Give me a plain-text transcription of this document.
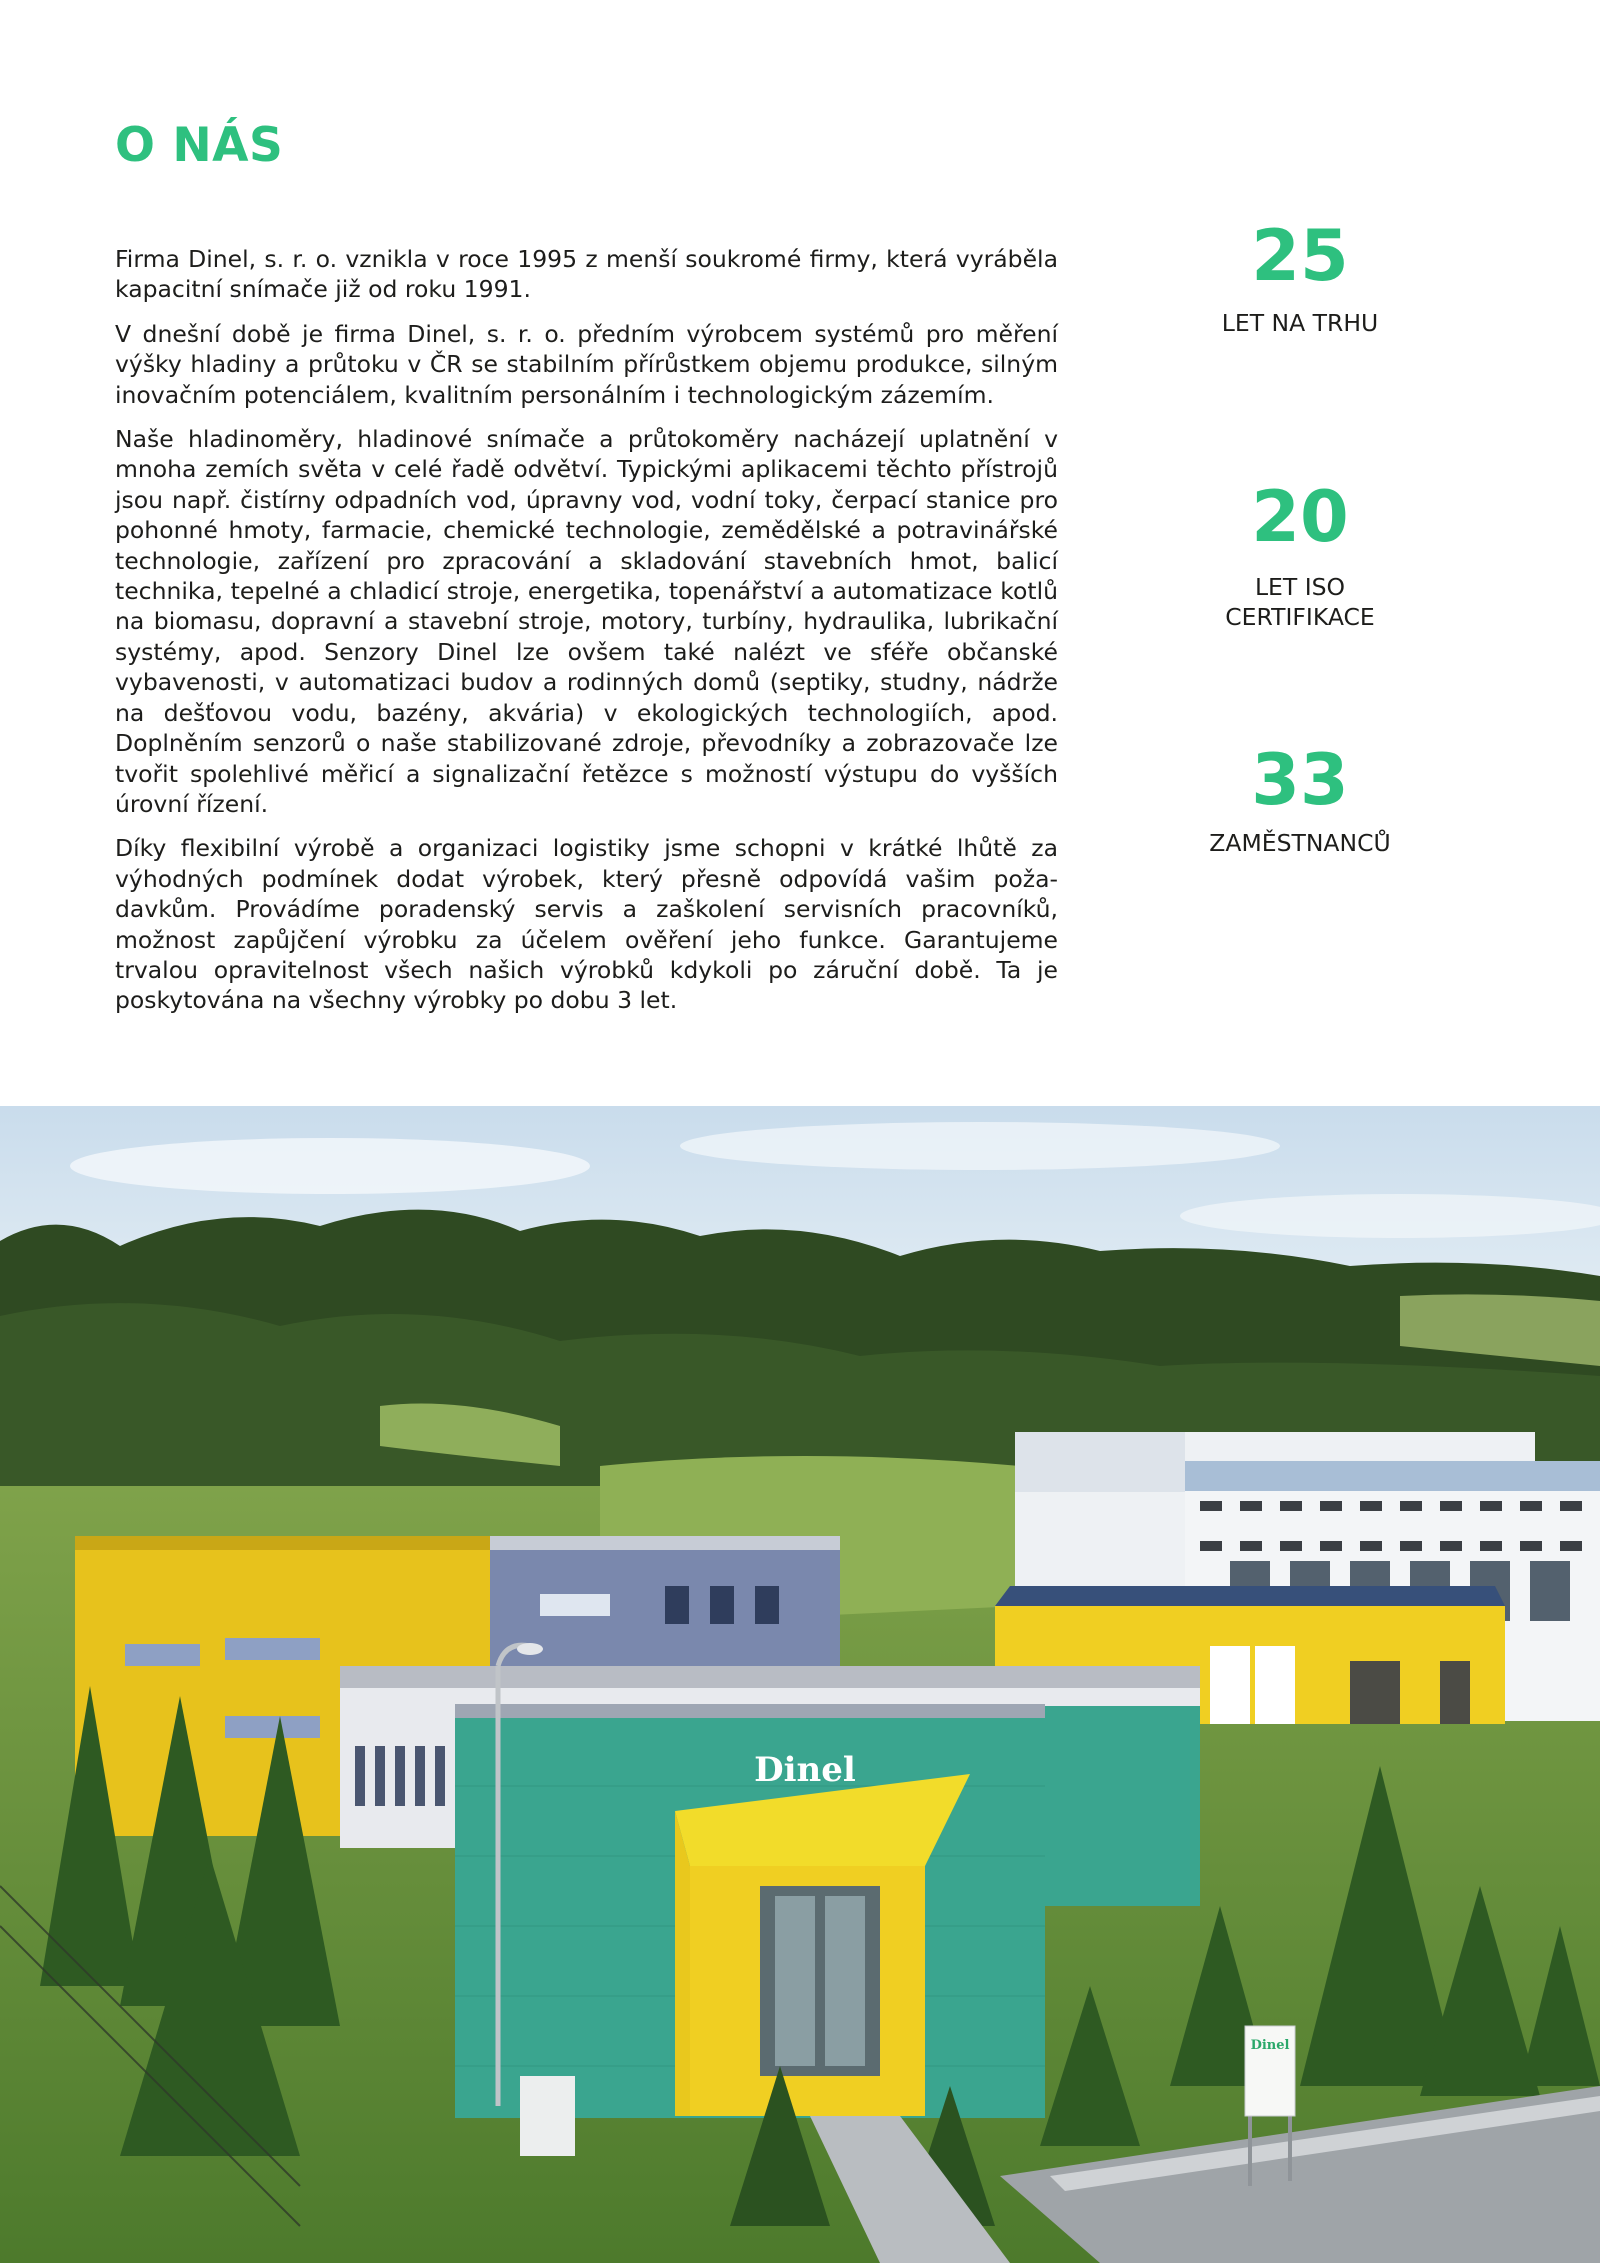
O NÁS

Firma Dinel, s. r. o. vznikla v roce 1995 z menší soukromé firmy, která vyráběla kapacitní snímače již od roku 1991.

V dnešní době je firma Dinel, s. r. o. předním výrobcem systémů pro měření výšky hladiny a průtoku v ČR se stabilním přírůstkem objemu produkce, silným inovačním potenciálem, kvalitním personálním i technologickým zázemím.

Naše hladinoměry, hladinové snímače a průtokoměry nacházejí uplatnění v mnoha zemích světa v celé řadě odvětví. Typickými aplikacemi těchto přístrojů jsou např. čistírny odpadních vod, úpravny vod, vodní toky, čerpací stanice pro pohonné hmoty, farmacie, chemické technologie, zemědělské a potravinářské technologie, zařízení pro zpracování a skladování stavebních hmot, balicí technika, tepelné a chladicí stroje, energetika, topenářství a automatizace kotlů na biomasu, dopravní a stavební stroje, motory, turbíny, hydraulika, lubrikační systémy, apod. Senzory Dinel lze ovšem také nalézt ve sféře občanské vybavenosti, v automatizaci budov a rodinných domů (septiky, studny, nádrže na dešťovou vodu, bazény, akvária) v ekologických technologiích, apod. Doplněním senzorů o naše stabilizované zdroje, převodníky a zobrazovače lze tvořit spolehlivé měřicí a signalizační řetězce s možností výstupu do vyšších úrovní řízení.

Díky flexibilní výrobě a organizaci logistiky jsme schopni v krátké lhůtě za výhodných podmínek dodat výrobek, který přesně odpovídá vašim požadavkům. Provádíme poradenský servis a zaškolení servisních pracovníků, možnost zapůjčení výrobku za účelem ověření jeho funkce. Garantujeme trvalou opravitelnost všech našich výrobků kdykoli po záruční době. Ta je poskytována na všechny výrobky po dobu 3 let.

25
LET NA TRHU
20
LET ISO
CERTIFIKACE
33
ZAMĚSTNANCŮ
Dinel
Dinel
